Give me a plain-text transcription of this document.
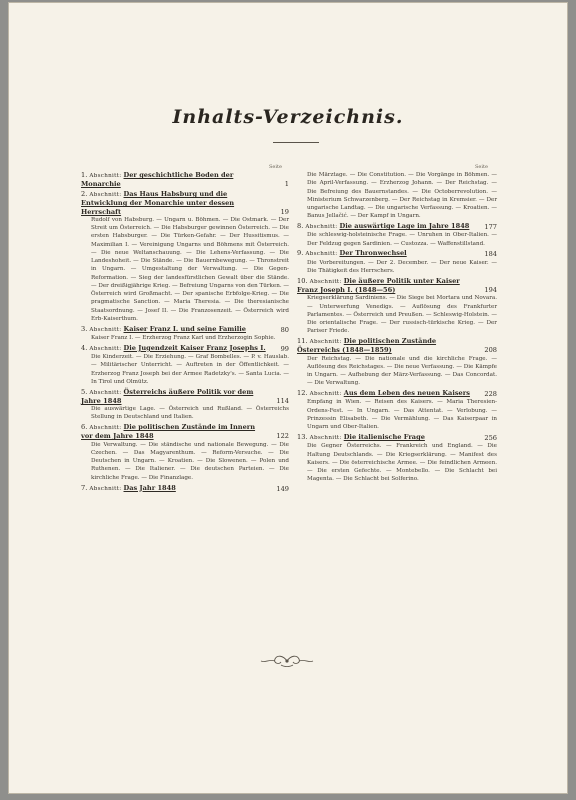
Inhalts-Verzeichnis.
Seite	Seite
1. Abschnitt: Der geschichtliche Boden der Monarchie	1
2. Abschnitt: Das Haus Habsburg und die Entwicklung der Monarchie unter dessen Herrschaft	19
Rudolf von Habsburg. — Ungarn u. Böhmen. — Die Ostmark. — Der Streit um Österreich. — Die Habsburger gewinnen Österreich. — Die ersten Habsburger. — Die Türken-Gefahr. — Der Hussitismus. — Maximilian I. — Vereinigung Ungarns und Böhmens mit Österreich. — Die neue Weltanschauung. — Die Lehens-Verfassung. — Die Landeshoheit. — Die Stände. — Die Bauernbewegung. — Thronstreit in Ungarn. — Umgestaltung der Verwaltung. — Die Gegen-Reformation. — Sieg der landesfürstlichen Gewalt über die Stände. — Der dreißigjährige Krieg. — Befreiung Ungarns von den Türken. — Österreich wird Großmacht. — Der spanische Erbfolge-Krieg. — Die pragmatische Sanction. — Maria Theresia. — Die theresianische Staatsordnung. — Josef II. — Die Franzosenzeit. — Österreich wird Erb-Kaiserthum.
3. Abschnitt: Kaiser Franz I. und seine Familie	80
Kaiser Franz I. — Erzherzog Franz Karl und Erzherzogin Sophie.
4. Abschnitt: Die Jugendzeit Kaiser Franz Josephs I. 99
Die Kinderzeit. — Die Erziehung. — Graf Bombelles. — P. v. Hauslab. — Militärischer Unterricht. — Auftreten in der Öffentlichkeit. — Erzherzog Franz Joseph bei der Armee Radetzky's. — Santa Lucia. — In Tirol und Olmütz.
5. Abschnitt: Österreichs äußere Politik vor dem Jahre 1848	114
Die auswärtige Lage. — Österreich und Rußland. — Österreichs Stellung in Deutschland und Italien.
6. Abschnitt: Die politischen Zustände im Innern vor dem Jahre 1848	122
Die Verwaltung. — Die ständische und nationale Bewegung. — Die Czechen. — Das Magyarenthum. — Reform-Versuche. — Die Deutschen in Ungarn. — Kroatien. — Die Slowenen. — Polen und Ruthenen. — Die Italiener. — Die deutschen Parteien. — Die kirchliche Frage. — Die Finanzlage.
7. Abschnitt: Das Jahr 1848	149
Die Märztage. — Die Constitution. — Die Vorgänge in Böhmen. — Die April-Verfassung. — Erzherzog Johann. — Der Reichstag. — Die Befreiung des Bauernstandes. — Die Octoberrevolution. — Ministerium Schwarzenberg. — Der Reichstag in Kremsier. — Der ungarische Landtag. — Die ungarische Verfassung. — Kroatien. — Banus Jellačić. — Der Kampf in Ungarn.
8. Abschnitt: Die auswärtige Lage im Jahre 1848 177
Die schleswig-holsteinische Frage. — Unruhen in Ober-Italien. — Der Feldzug gegen Sardinien. — Custozza. — Waffenstillstand.
9. Abschnitt: Der Thronwechsel	184
Die Vorbereitungen. — Der 2. December. — Der neue Kaiser. — Die Thätigkeit des Herrschers.
10. Abschnitt: Die äußere Politik unter Kaiser Franz Joseph I. (1848—56)	194
Kriegserklärung Sardiniens. — Die Siege bei Mortara und Novara. — Unterwerfung Venedigs. — Auflösung des Frankfurter Parlamentes. — Österreich und Preußen. — Schleswig-Holstein. — Die orientalische Frage. — Der russisch-türkische Krieg. — Der Pariser Friede.
11. Abschnitt: Die politischen Zustände Österreichs (1848—1859)	208
Der Reichstag. — Die nationale und die kirchliche Frage. — Auflösung des Reichstages. — Die neue Verfassung. — Die Kämpfe in Ungarn. — Aufhebung der März-Verfassung. — Das Concordat. — Die Verwaltung.
12. Abschnitt: Aus dem Leben des neuen Kaisers 228
Empfang in Wien. — Reisen des Kaisers. — Maria Theresien-Ordens-Fest. — In Ungarn. — Das Attentat. — Verlobung. — Prinzessin Elisabeth. — Die Vermählung. — Das Kaiserpaar in Ungarn und Ober-Italien.
13. Abschnitt: Die italienische Frage	256
Die Gegner Österreichs. — Frankreich und England. — Die Haltung Deutschlands. — Die Kriegserklärung. — Manifest des Kaisers. — Die österreichische Armee. — Die feindlichen Armeen. — Die ersten Gefechte. — Montebello. — Die Schlacht bei Magenta. — Die Schlacht bei Solferino.
